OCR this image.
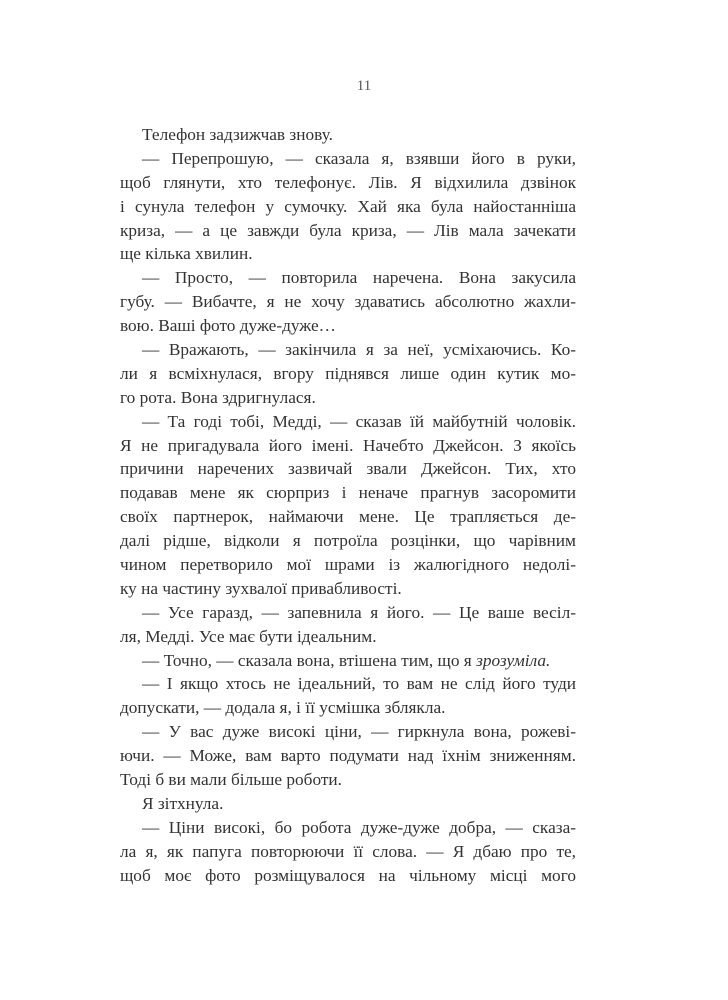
11
Телефон задзижчав знову.
— Перепрошую, — сказала я, взявши його в руки,
щоб глянути, хто телефонує. Лів. Я відхилила дзвінок
і сунула телефон у сумочку. Хай яка була найостанніша
криза, — а це завжди була криза, — Лів мала зачекати
ще кілька хвилин.
— Просто, — повторила наречена. Вона закусила
губу. — Вибачте, я не хочу здаватись абсолютно жахли-
вою. Ваші фото дуже-дуже…
— Вражають, — закінчила я за неї, усміхаючись. Ко-
ли я всміхнулася, вгору піднявся лише один кутик мо-
го рота. Вона здригнулася.
— Та годі тобі, Медді, — сказав їй майбутній чоловік.
Я не пригадувала його імені. Начебто Джейсон. З якоїсь
причини наречених зазвичай звали Джейсон. Тих, хто
подавав мене як сюрприз і неначе прагнув засоромити
своїх партнерок, наймаючи мене. Це трапляється де-
далі рідше, відколи я потроїла розцінки, що чарівним
чином перетворило мої шрами із жалюгідного недолі-
ку на частину зухвалої привабливості.
— Усе гаразд, — запевнила я його. — Це ваше весіл-
ля, Медді. Усе має бути ідеальним.
— Точно, — сказала вона, втішена тим, що я зрозуміла.
— І якщо хтось не ідеальний, то вам не слід його туди
допускати, — додала я, і її усмішка зблякла.
— У вас дуже високі ціни, — гиркнула вона, рожеві-
ючи. — Може, вам варто подумати над їхнім зниженням.
Тоді б ви мали більше роботи.
Я зітхнула.
— Ціни високі, бо робота дуже-дуже добра, — сказа-
ла я, як папуга повторюючи її слова. — Я дбаю про те,
щоб моє фото розміщувалося на чільному місці мого
